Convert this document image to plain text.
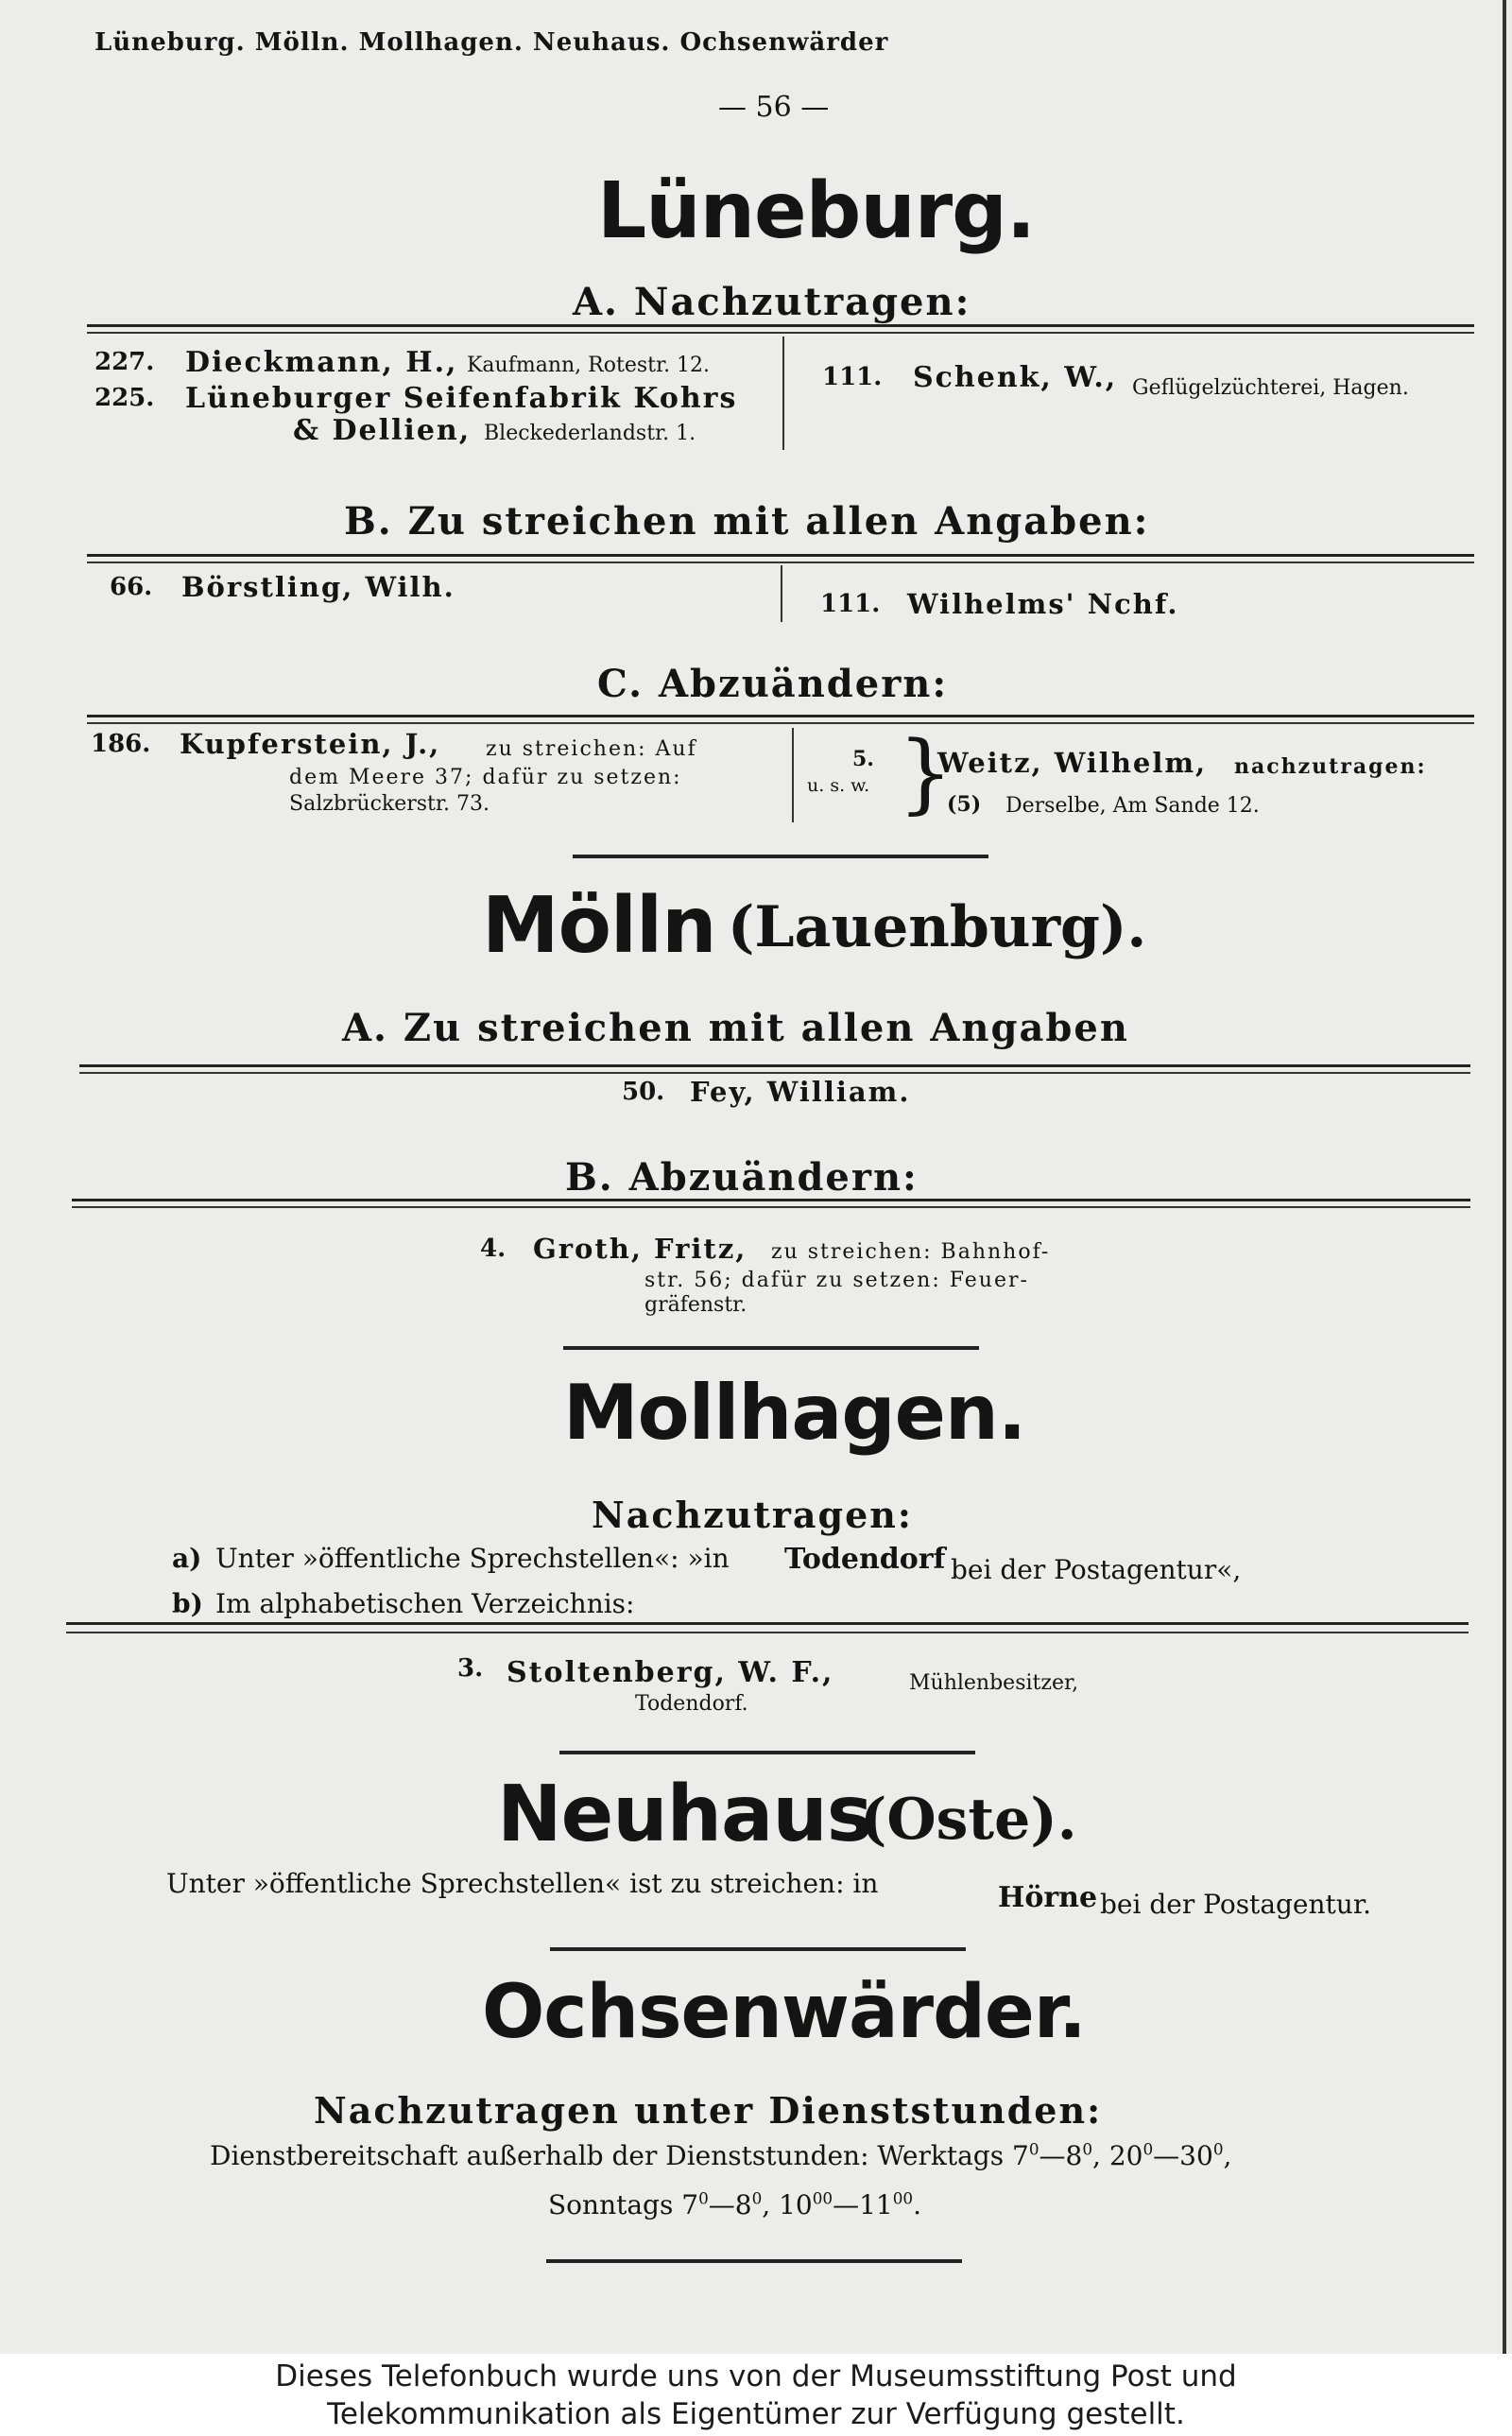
Lüneburg. Mölln. Mollhagen. Neuhaus. Ochsenwärder
— 56 —
Lüneburg.
A. Nachzutragen:
227. Dieckmann, H., Kaufmann, Rotestr. 12.
225. Lüneburger Seifenfabrik Kohrs
& Dellien, Bleckederlandstr. 1.
111. Schenk, W., Geflügelzüchterei, Hagen.
B. Zu streichen mit allen Angaben:
66. Börstling, Wilh.
111. Wilhelms' Nchf.
C. Abzuändern:
186. Kupferstein, J., zu streichen: Auf
dem Meere 37; dafür zu setzen:
Salzbrückerstr. 73.
5.
u. s. w. }
Weitz, Wilhelm, nachzutragen:
(5) Derselbe, Am Sande 12.
Mölln (Lauenburg).
A. Zu streichen mit allen Angaben
50. Fey, William.
B. Abzuändern:
4. Groth, Fritz, zu streichen: Bahnhof-
str. 56; dafür zu setzen: Feuer-
gräfenstr.
Mollhagen.
Nachzutragen:
a) Unter »öffentliche Sprechstellen«: »in Todendorf bei der Postagentur«,
b) Im alphabetischen Verzeichnis:
3. Stoltenberg, W. F.,	Mühlenbesitzer,
Todendorf.
Neuhaus
(Oste).
Unter »öffentliche Sprechstellen« ist zu streichen: in	Hörne bei der Postagentur.
Ochsenwärder.
Nachzutragen unter Dienststunden:
Dienstbereitschaft außerhalb der Dienststunden: Werktags $7^0—8^0$, $20^0—30^0$,
Sonntags $7^0—8^0$, $10^{00}—11^{00}$.
Dieses Telefonbuch wurde uns von der Museumsstiftung Post und
Telekommunikation als Eigentümer zur Verfügung gestellt.
